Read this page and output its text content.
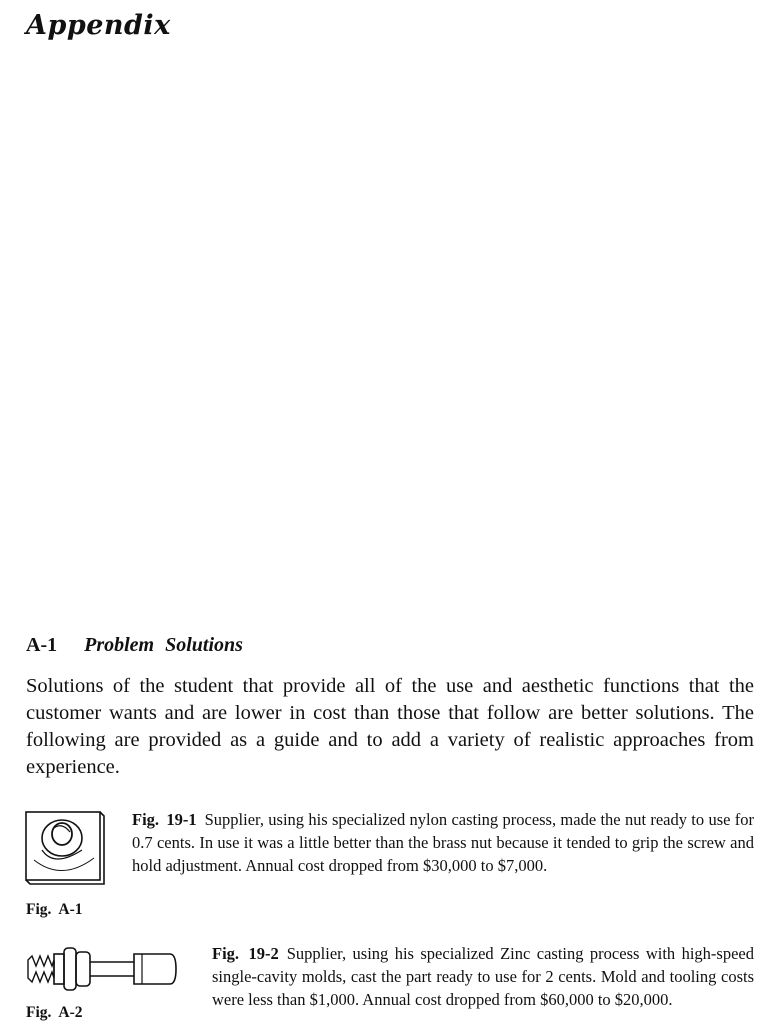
Appendix
A-1 Problem Solutions

Solutions of the student that provide all of the use and aesthetic functions that the customer wants and are lower in cost than those that follow are better solutions. The following are provided as a guide and to add a variety of realistic approaches from experience.

Fig. A-1

Fig. 19-1 Supplier, using his specialized nylon casting process, made the nut ready to use for 0.7 cents. In use it was a little better than the brass nut because it tended to grip the screw and hold adjustment. Annual cost dropped from $30,000 to $7,000.

Fig. A-2

Fig. 19-2 Supplier, using his specialized Zinc casting process with high-speed single-cavity molds, cast the part ready to use for 2 cents. Mold and tooling costs were less than $1,000. Annual cost dropped from $60,000 to $20,000.
